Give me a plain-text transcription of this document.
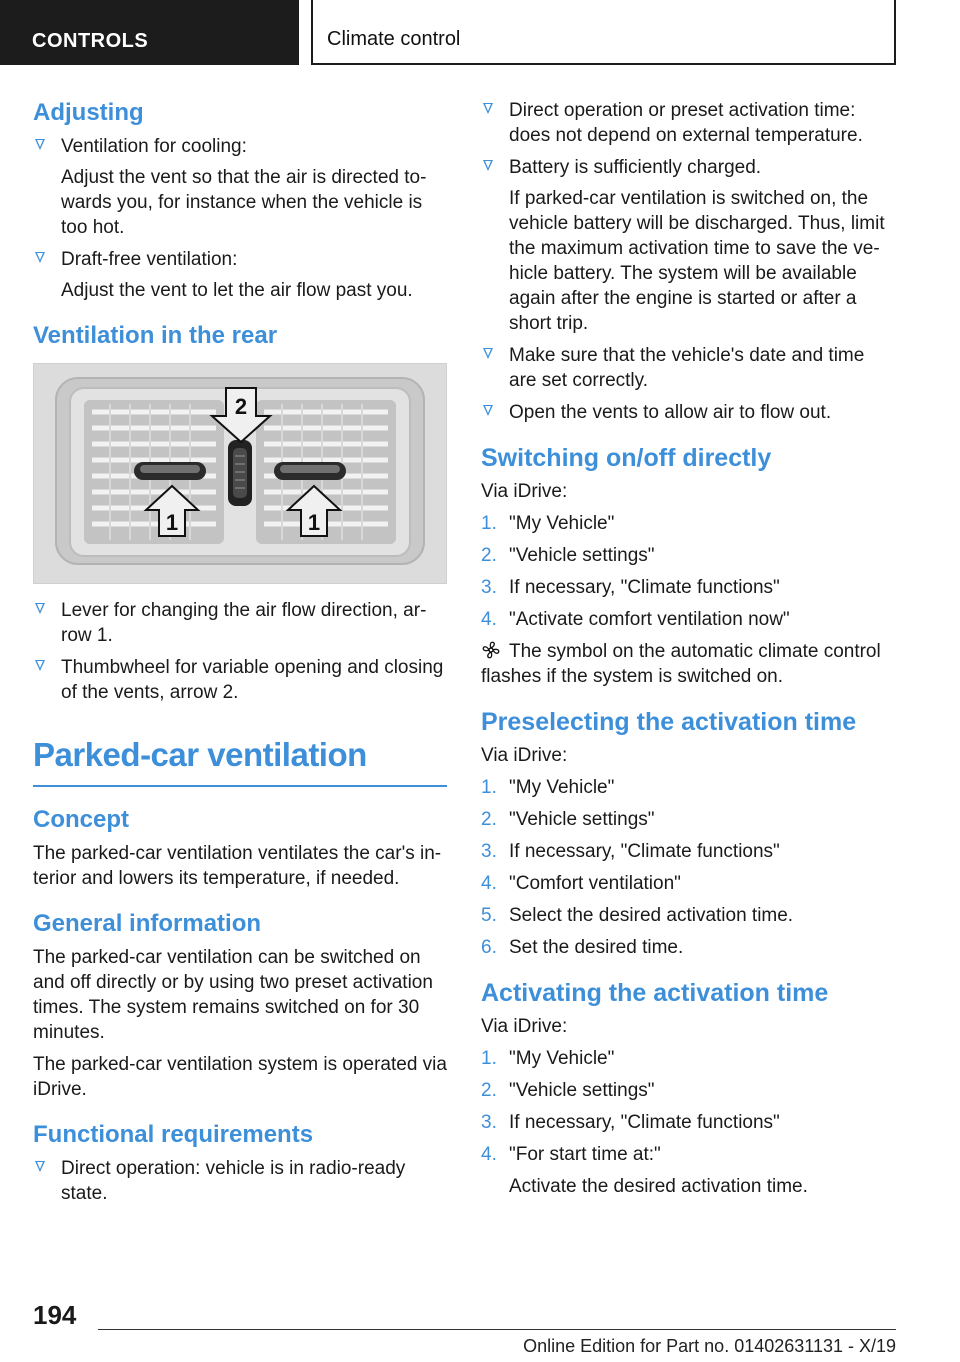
CONTROLS	Climate control
Adjusting
Ventilation for cooling:
Adjust the vent so that the air is directed to- wards you, for instance when the vehicle is too hot.
Draft-free ventilation:
Adjust the vent to let the air flow past you.
Ventilation in the rear
2
1	1
Lever for changing the air flow direction, ar- row 1.
Thumbwheel for variable opening and closing of the vents, arrow 2.
Parked-car ventilation
Concept
The parked-car ventilation ventilates the car's in- terior and lowers its temperature, if needed.
General information
The parked-car ventilation can be switched on and off directly or by using two preset activation times. The system remains switched on for 30 minutes.
The parked-car ventilation system is operated via iDrive.
Functional requirements
Direct operation: vehicle is in radio-ready state.
Direct operation or preset activation time: does not depend on external temperature.
Battery is sufficiently charged.
If parked-car ventilation is switched on, the vehicle battery will be discharged. Thus, limit the maximum activation time to save the ve- hicle battery. The system will be available again after the engine is started or after a short trip.
Make sure that the vehicle's date and time are set correctly.
Open the vents to allow air to flow out.
Switching on/off directly
Via iDrive:
1. "My Vehicle"
2. "Vehicle settings"
3. If necessary, "Climate functions"
4. "Activate comfort ventilation now"
The symbol on the automatic climate control flashes if the system is switched on.
Preselecting the activation time
Via iDrive:
1. "My Vehicle"
2. "Vehicle settings"
3. If necessary, "Climate functions"
4. "Comfort ventilation"
5. Select the desired activation time.
6. Set the desired time.
Activating the activation time
Via iDrive:
1. "My Vehicle"
2. "Vehicle settings"
3. If necessary, "Climate functions"
4. "For start time at:"
Activate the desired activation time.
194
Online Edition for Part no. 01402631131 - X/19
